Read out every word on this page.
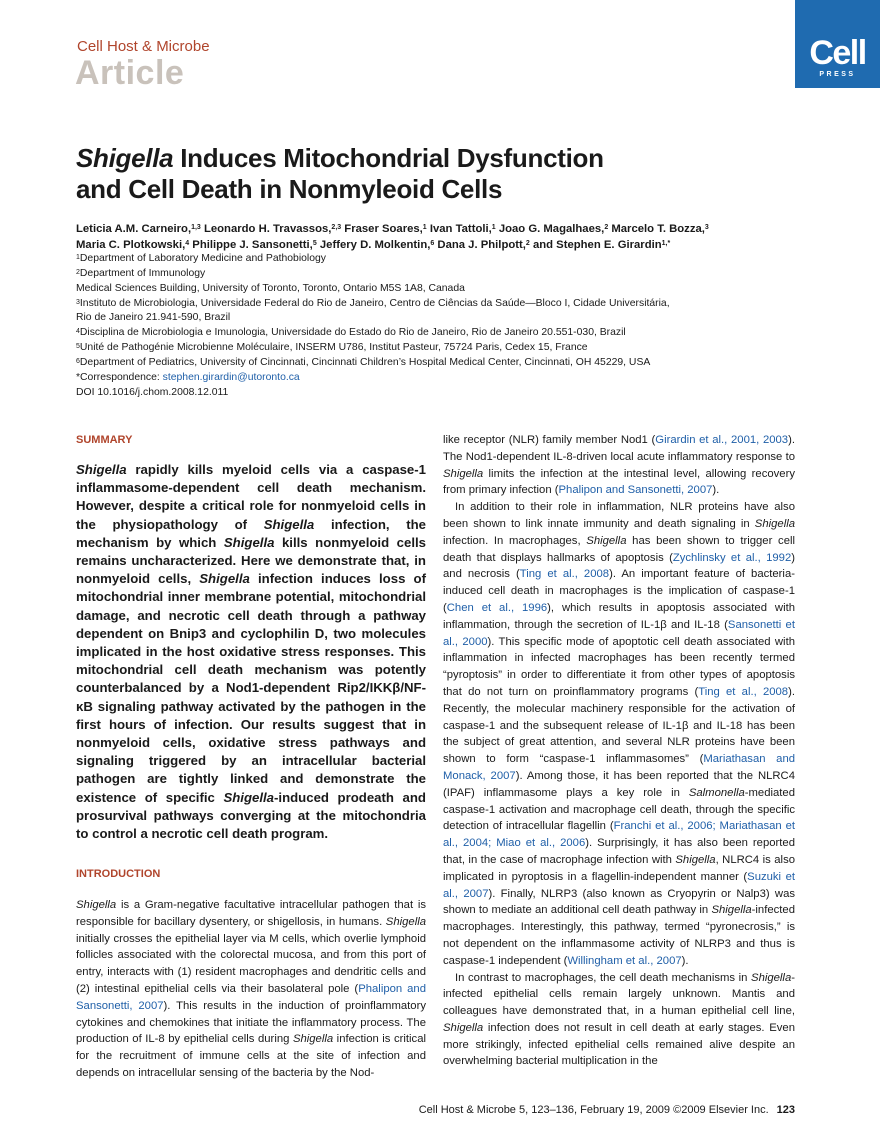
Cell Host & Microbe
Article
Cell
PRESS
Shigella Induces Mitochondrial Dysfunction
and Cell Death in Nonmyleoid Cells
Leticia A.M. Carneiro,$^{1,3}$ Leonardo H. Travassos,$^{2,3}$ Fraser Soares,$^1$ Ivan Tattoli,$^1$ Joao G. Magalhaes,$^2$ Marcelo T. Bozza,$^3$
Maria C. Plotkowski,$^4$ Philippe J. Sansonetti,$^5$ Jeffery D. Molkentin,$^6$ Dana J. Philpott,$^2$ and Stephen E. Girardin$^{1,*}$
$^1$Department of Laboratory Medicine and Pathobiology
$^2$Department of Immunology
Medical Sciences Building, University of Toronto, Toronto, Ontario M5S 1A8, Canada
$^3$Instituto de Microbiologia, Universidade Federal do Rio de Janeiro, Centro de Ciências da Saúde—Bloco I, Cidade Universitária,
Rio de Janeiro 21.941-590, Brazil
$^4$Disciplina de Microbiologia e Imunologia, Universidade do Estado do Rio de Janeiro, Rio de Janeiro 20.551-030, Brazil
$^5$Unité de Pathogénie Microbienne Moléculaire, INSERM U786, Institut Pasteur, 75724 Paris, Cedex 15, France
$^6$Department of Pediatrics, University of Cincinnati, Cincinnati Children’s Hospital Medical Center, Cincinnati, OH 45229, USA
*Correspondence: stephen.girardin@utoronto.ca
DOI 10.1016/j.chom.2008.12.011
SUMMARY
Shigella rapidly kills myeloid cells via a caspase-1 inflammasome-dependent cell death mechanism. However, despite a critical role for nonmyeloid cells in the physiopathology of Shigella infection, the mechanism by which Shigella kills nonmyeloid cells remains uncharacterized. Here we demonstrate that, in nonmyeloid cells, Shigella infection induces loss of mitochondrial inner membrane potential, mitochondrial damage, and necrotic cell death through a pathway dependent on Bnip3 and cyclophilin D, two molecules implicated in the host oxidative stress responses. This mitochondrial cell death mechanism was potently counterbalanced by a Nod1-dependent Rip2/IKKβ/NF-κB signaling pathway activated by the pathogen in the first hours of infection. Our results suggest that in nonmyeloid cells, oxidative stress pathways and signaling triggered by an intracellular bacterial pathogen are tightly linked and demonstrate the existence of specific Shigella-induced prodeath and prosurvival pathways converging at the mitochondria to control a necrotic cell death program.
INTRODUCTION

Shigella is a Gram-negative facultative intracellular pathogen that is responsible for bacillary dysentery, or shigellosis, in humans. Shigella initially crosses the epithelial layer via M cells, which overlie lymphoid follicles associated with the colorectal mucosa, and from this port of entry, interacts with (1) resident macrophages and dendritic cells and (2) intestinal epithelial cells via their basolateral pole (Phalipon and Sansonetti, 2007). This results in the induction of proinflammatory cytokines and chemokines that initiate the inflammatory process. The production of IL-8 by epithelial cells during Shigella infection is critical for the recruitment of immune cells at the site of infection and depends on intracellular sensing of the bacteria by the Nod-

like receptor (NLR) family member Nod1 (Girardin et al., 2001, 2003). The Nod1-dependent IL-8-driven local acute inflammatory response to Shigella limits the infection at the intestinal level, allowing recovery from primary infection (Phalipon and Sansonetti, 2007).

In addition to their role in inflammation, NLR proteins have also been shown to link innate immunity and death signaling in Shigella infection. In macrophages, Shigella has been shown to trigger cell death that displays hallmarks of apoptosis (Zychlinsky et al., 1992) and necrosis (Ting et al., 2008). An important feature of bacteria-induced cell death in macrophages is the implication of caspase-1 (Chen et al., 1996), which results in apoptosis associated with inflammation, through the secretion of IL-1β and IL-18 (Sansonetti et al., 2000). This specific mode of apoptotic cell death associated with inflammation in infected macrophages has been recently termed “pyroptosis” in order to differentiate it from other types of apoptosis that do not turn on proinflammatory programs (Ting et al., 2008). Recently, the molecular machinery responsible for the activation of caspase-1 and the subsequent release of IL-1β and IL-18 has been the subject of great attention, and several NLR proteins have been shown to form “caspase-1 inflammasomes” (Mariathasan and Monack, 2007). Among those, it has been reported that the NLRC4 (IPAF) inflammasome plays a key role in Salmonella-mediated caspase-1 activation and macrophage cell death, through the specific detection of intracellular flagellin (Franchi et al., 2006; Mariathasan et al., 2004; Miao et al., 2006). Surprisingly, it has also been reported that, in the case of macrophage infection with Shigella, NLRC4 is also implicated in pyroptosis in a flagellin-independent manner (Suzuki et al., 2007). Finally, NLRP3 (also known as Cryopyrin or Nalp3) was shown to mediate an additional cell death pathway in Shigella-infected macrophages. Interestingly, this pathway, termed “pyronecrosis,” is not dependent on the inflammasome activity of NLRP3 and thus is caspase-1 independent (Willingham et al., 2007).

In contrast to macrophages, the cell death mechanisms in Shigella-infected epithelial cells remain largely unknown. Mantis and colleagues have demonstrated that, in a human epithelial cell line, Shigella infection does not result in cell death at early stages. Even more strikingly, infected epithelial cells remained alive despite an overwhelming bacterial multiplication in the

Cell Host & Microbe 5, 123–136, February 19, 2009 ©2009 Elsevier Inc. 123
